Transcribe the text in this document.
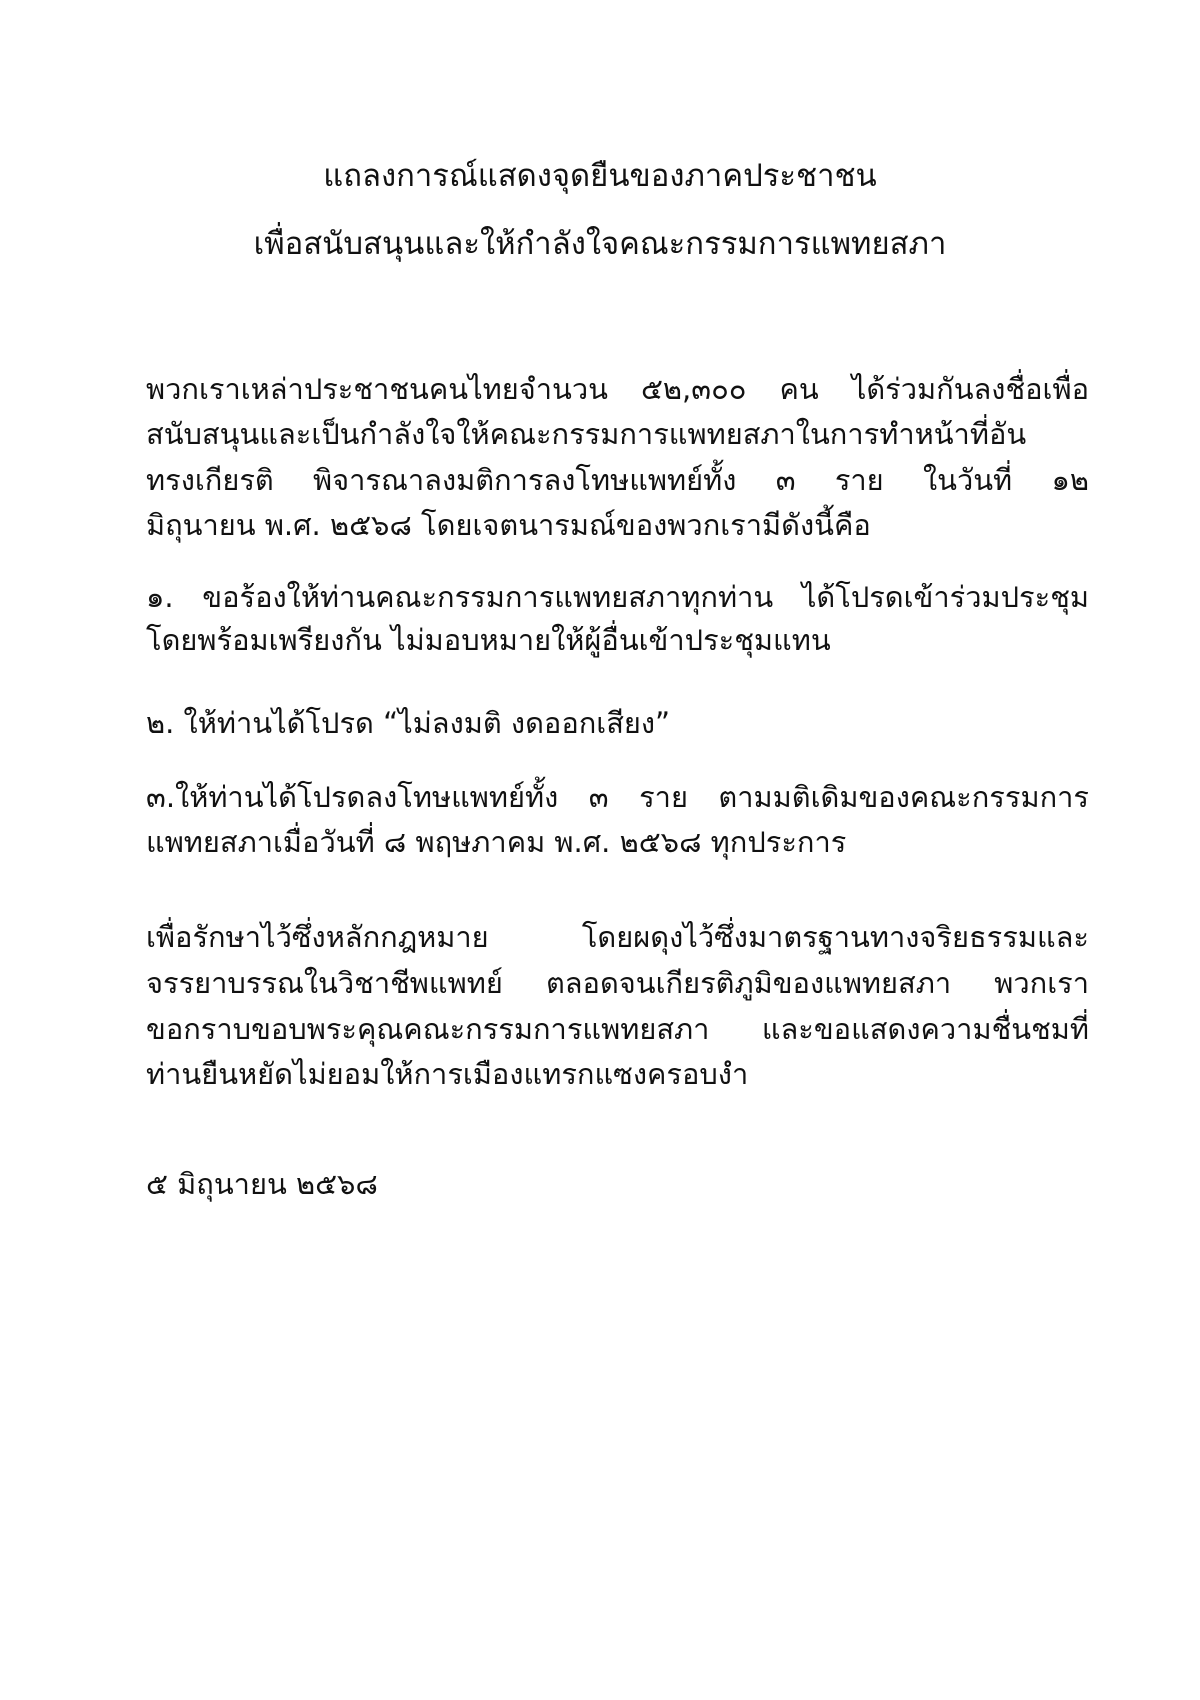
แถลงการณ์แสดงจุดยืนของภาคประชาชน
เพื่อสนับสนุนและให้กำลังใจคณะกรรมการแพทยสภา
พวกเราเหล่าประชาชนคนไทยจำนวน ๕๒,๓๐๐ คน ได้ร่วมกันลงชื่อเพื่อ
สนับสนุนและเป็นกำลังใจให้คณะกรรมการแพทยสภาในการทำหน้าที่อัน
ทรงเกียรติ พิจารณาลงมติการลงโทษแพทย์ทั้ง ๓ ราย ในวันที่ ๑๒
มิถุนายน พ.ศ. ๒๕๖๘ โดยเจตนารมณ์ของพวกเรามีดังนี้คือ
๑. ขอร้องให้ท่านคณะกรรมการแพทยสภาทุกท่าน ได้โปรดเข้าร่วมประชุม
โดยพร้อมเพรียงกัน ไม่มอบหมายให้ผู้อื่นเข้าประชุมแทน
๒. ให้ท่านได้โปรด “ไม่ลงมติ งดออกเสียง”
๓.ให้ท่านได้โปรดลงโทษแพทย์ทั้ง ๓ ราย ตามมติเดิมของคณะกรรมการ
แพทยสภาเมื่อวันที่ ๘ พฤษภาคม พ.ศ. ๒๕๖๘ ทุกประการ
เพื่อรักษาไว้ซึ่งหลักกฎหมาย โดยผดุงไว้ซึ่งมาตรฐานทางจริยธรรมและ
จรรยาบรรณในวิชาชีพแพทย์ ตลอดจนเกียรติภูมิของแพทยสภา พวกเรา
ขอกราบขอบพระคุณคณะกรรมการแพทยสภา และขอแสดงความชื่นชมที่
ท่านยืนหยัดไม่ยอมให้การเมืองแทรกแซงครอบงำ
๕ มิถุนายน ๒๕๖๘
